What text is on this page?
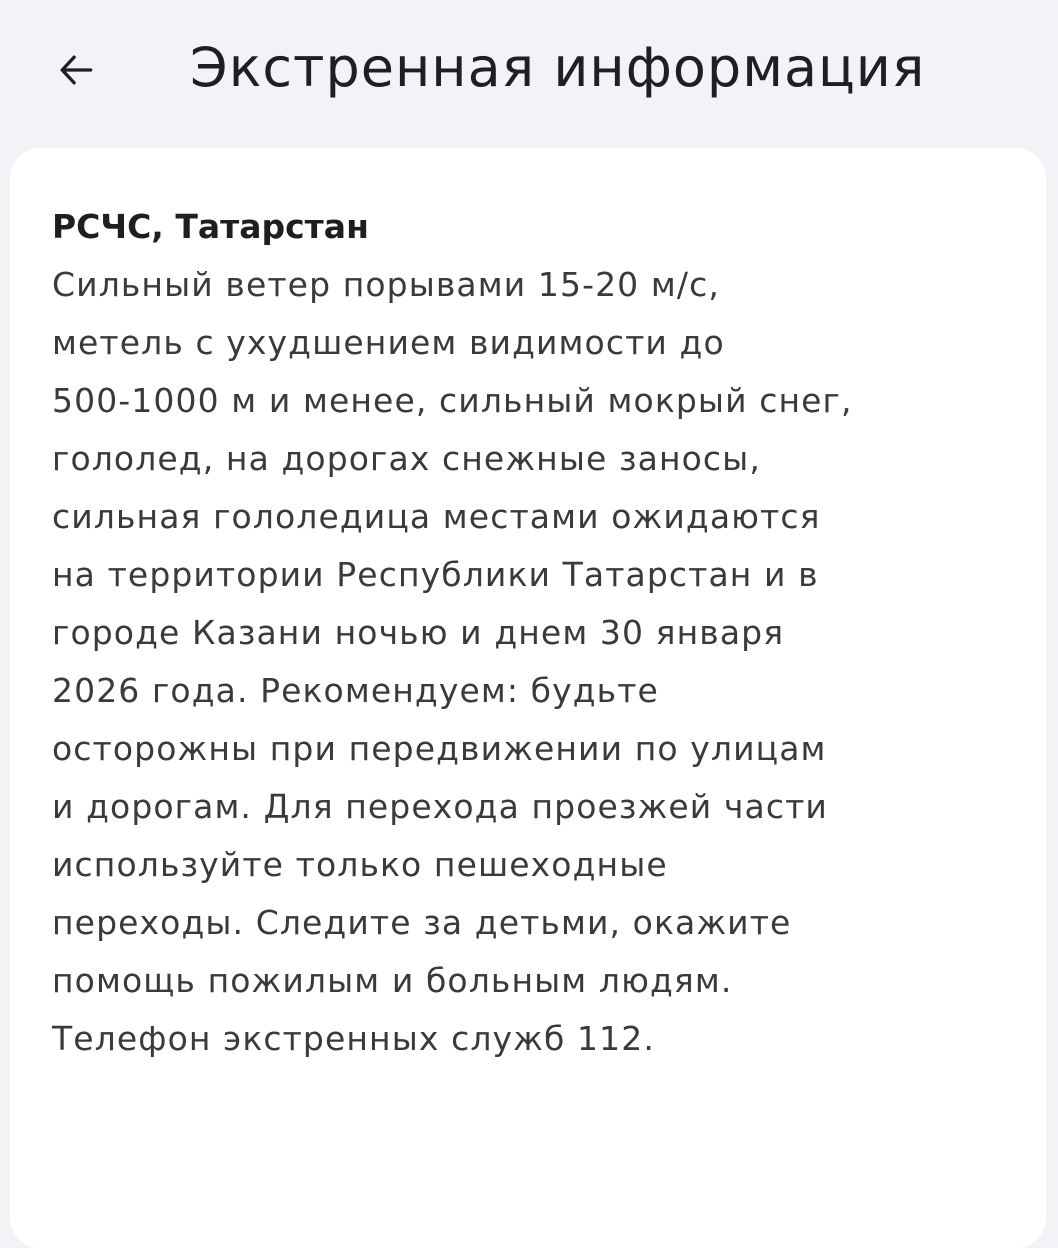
Экстренная информация

РСЧС, Татарстан

Сильный ветер порывами 15-20 м/с,
метель с ухудшением видимости до
500-1000 м и менее, сильный мокрый снег,
гололед, на дорогах снежные заносы,
сильная гололедица местами ожидаются
на территории Республики Татарстан и в
городе Казани ночью и днем 30 января
2026 года. Рекомендуем: будьте
осторожны при передвижении по улицам
и дорогам. Для перехода проезжей части
используйте только пешеходные
переходы. Следите за детьми, окажите
помощь пожилым и больным людям.
Телефон экстренных служб 112.
